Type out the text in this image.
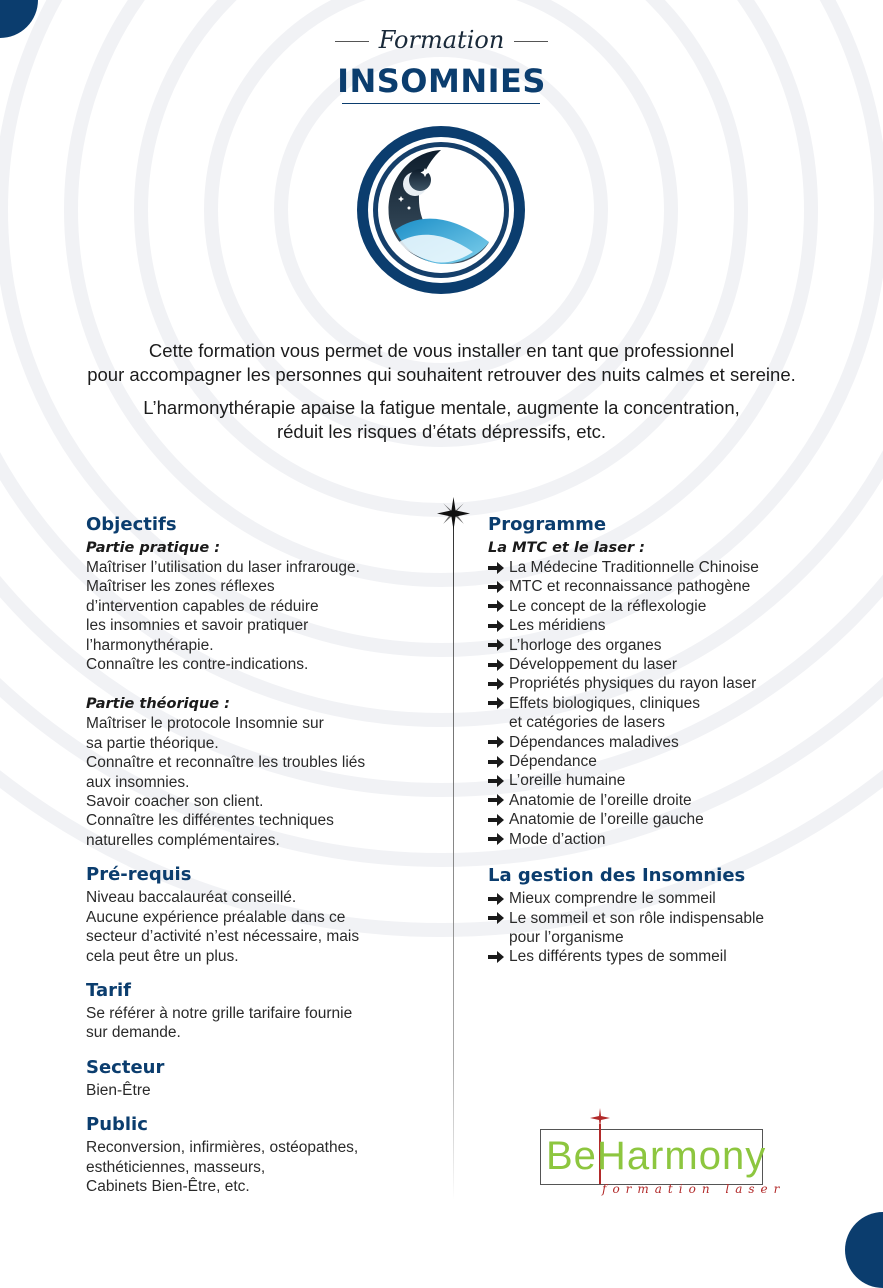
Formation
INSOMNIES

Cette formation vous permet de vous installer en tant que professionnel

pour accompagner les personnes qui souhaitent retrouver des nuits calmes et sereine.

L’harmonythérapie apaise la fatigue mentale, augmente la concentration,

réduit les risques d’états dépressifs, etc.

Objectifs

Partie pratique :

Maîtriser l’utilisation du laser infrarouge.

Maîtriser les zones réflexes

d’intervention capables de réduire

les insomnies et savoir pratiquer

l’harmonythérapie.

Connaître les contre-indications.

Partie théorique :

Maîtriser le protocole Insomnie sur

sa partie théorique.

Connaître et reconnaître les troubles liés

aux insomnies.

Savoir coacher son client.

Connaître les différentes techniques

naturelles complémentaires.

Pré-requis

Niveau baccalauréat conseillé.

Aucune expérience préalable dans ce

secteur d’activité n’est nécessaire, mais

cela peut être un plus.

Tarif

Se référer à notre grille tarifaire fournie

sur demande.

Secteur

Bien-Être

Public

Reconversion, infirmières, ostéopathes,

esthéticiennes, masseurs,

Cabinets Bien-Être, etc.

Programme

La MTC et le laser :

La Médecine Traditionnelle Chinoise
MTC et reconnaissance pathogène
Le concept de la réflexologie
Les méridiens
L’horloge des organes
Développement du laser
Propriétés physiques du rayon laser
Effets biologiques, cliniques
et catégories de lasers
Dépendances maladives
Dépendance
L’oreille humaine
Anatomie de l’oreille droite
Anatomie de l’oreille gauche
Mode d’action
La gestion des Insomnies
Mieux comprendre le sommeil
Le sommeil et son rôle indispensable
pour l’organisme
Les différents types de sommeil
BeHarmony
formation laser
